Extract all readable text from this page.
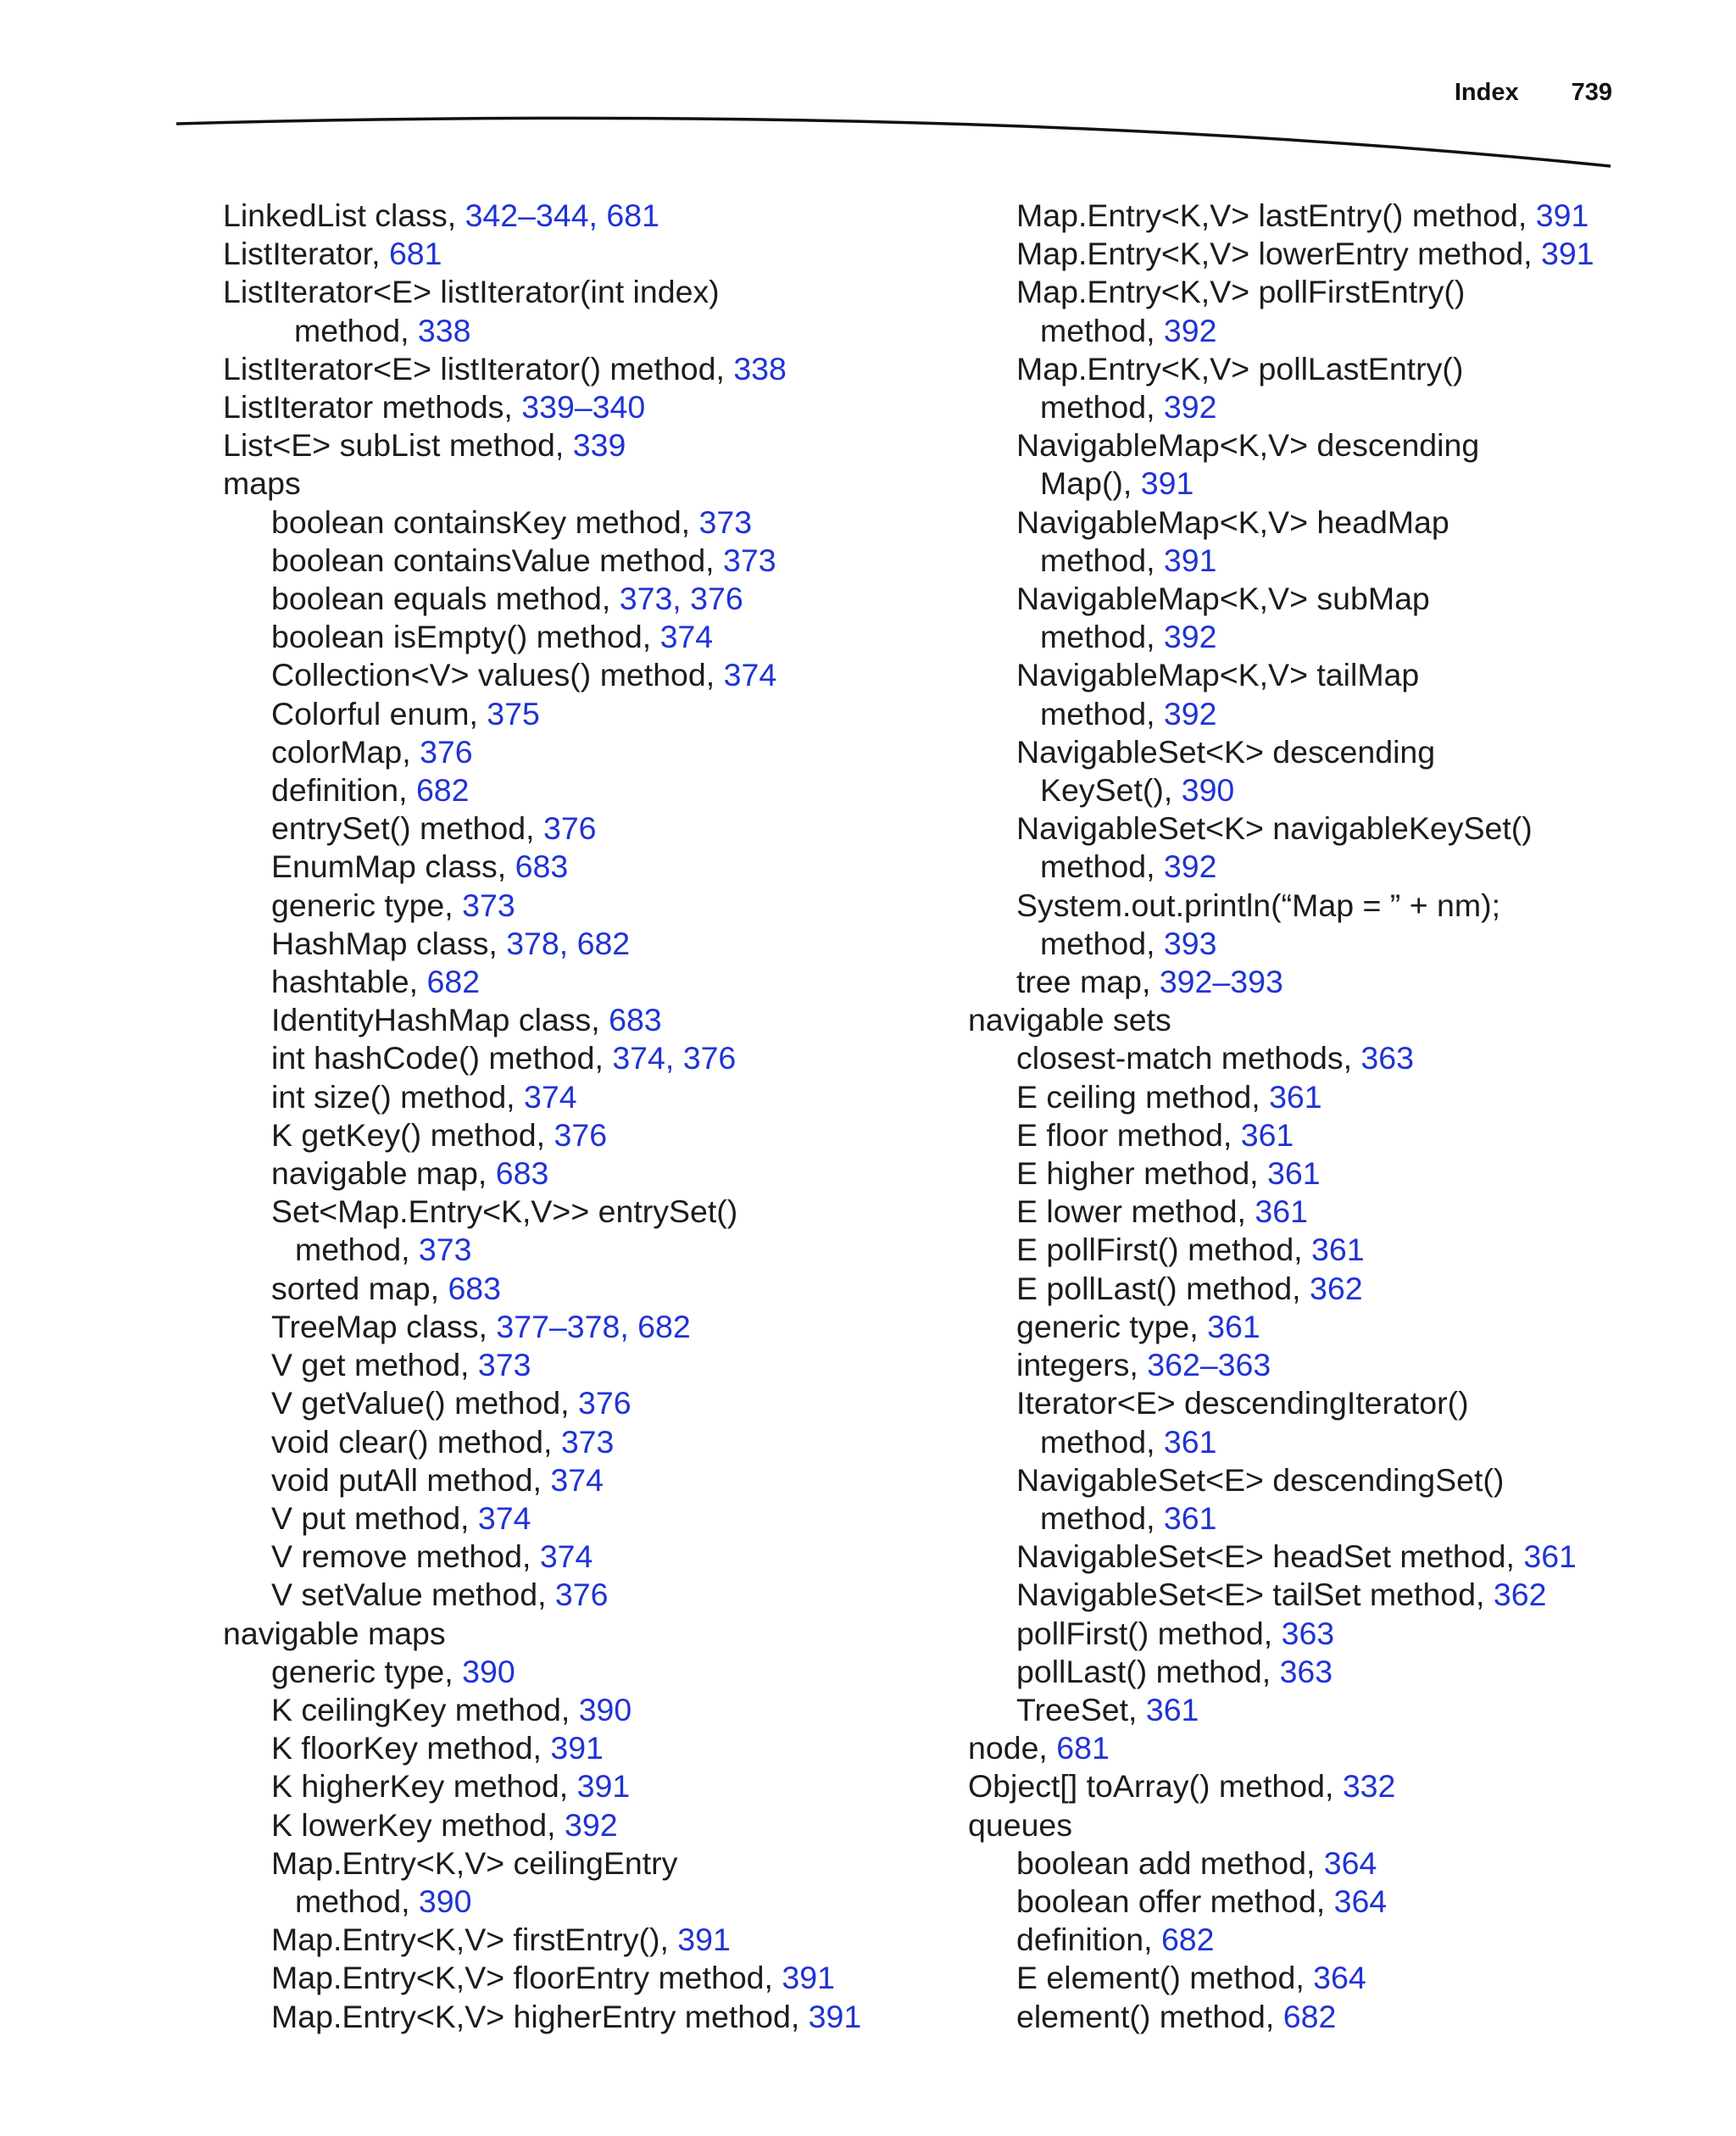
Index 739
LinkedList class, 342–344, 681
ListIterator, 681
ListIterator<E> listIterator(int index)
method, 338
ListIterator<E> listIterator() method, 338
ListIterator methods, 339–340
List<E> subList method, 339
maps
boolean containsKey method, 373
boolean containsValue method, 373
boolean equals method, 373, 376
boolean isEmpty() method, 374
Collection<V> values() method, 374
Colorful enum, 375
colorMap, 376
definition, 682
entrySet() method, 376
EnumMap class, 683
generic type, 373
HashMap class, 378, 682
hashtable, 682
IdentityHashMap class, 683
int hashCode() method, 374, 376
int size() method, 374
K getKey() method, 376
navigable map, 683
Set<Map.Entry<K,V>> entrySet()
method, 373
sorted map, 683
TreeMap class, 377–378, 682
V get method, 373
V getValue() method, 376
void clear() method, 373
void putAll method, 374
V put method, 374
V remove method, 374
V setValue method, 376
navigable maps
generic type, 390
K ceilingKey method, 390
K floorKey method, 391
K higherKey method, 391
K lowerKey method, 392
Map.Entry<K,V> ceilingEntry
method, 390
Map.Entry<K,V> firstEntry(), 391
Map.Entry<K,V> floorEntry method, 391
Map.Entry<K,V> higherEntry method, 391
Map.Entry<K,V> lastEntry() method, 391
Map.Entry<K,V> lowerEntry method, 391
Map.Entry<K,V> pollFirstEntry()
method, 392
Map.Entry<K,V> pollLastEntry()
method, 392
NavigableMap<K,V> descending
Map(), 391
NavigableMap<K,V> headMap
method, 391
NavigableMap<K,V> subMap
method, 392
NavigableMap<K,V> tailMap
method, 392
NavigableSet<K> descending
KeySet(), 390
NavigableSet<K> navigableKeySet()
method, 392
System.out.println(“Map = ” + nm);
method, 393
tree map, 392–393
navigable sets
closest-match methods, 363
E ceiling method, 361
E floor method, 361
E higher method, 361
E lower method, 361
E pollFirst() method, 361
E pollLast() method, 362
generic type, 361
integers, 362–363
Iterator<E> descendingIterator()
method, 361
NavigableSet<E> descendingSet()
method, 361
NavigableSet<E> headSet method, 361
NavigableSet<E> tailSet method, 362
pollFirst() method, 363
pollLast() method, 363
TreeSet, 361
node, 681
Object[] toArray() method, 332
queues
boolean add method, 364
boolean offer method, 364
definition, 682
E element() method, 364
element() method, 682
